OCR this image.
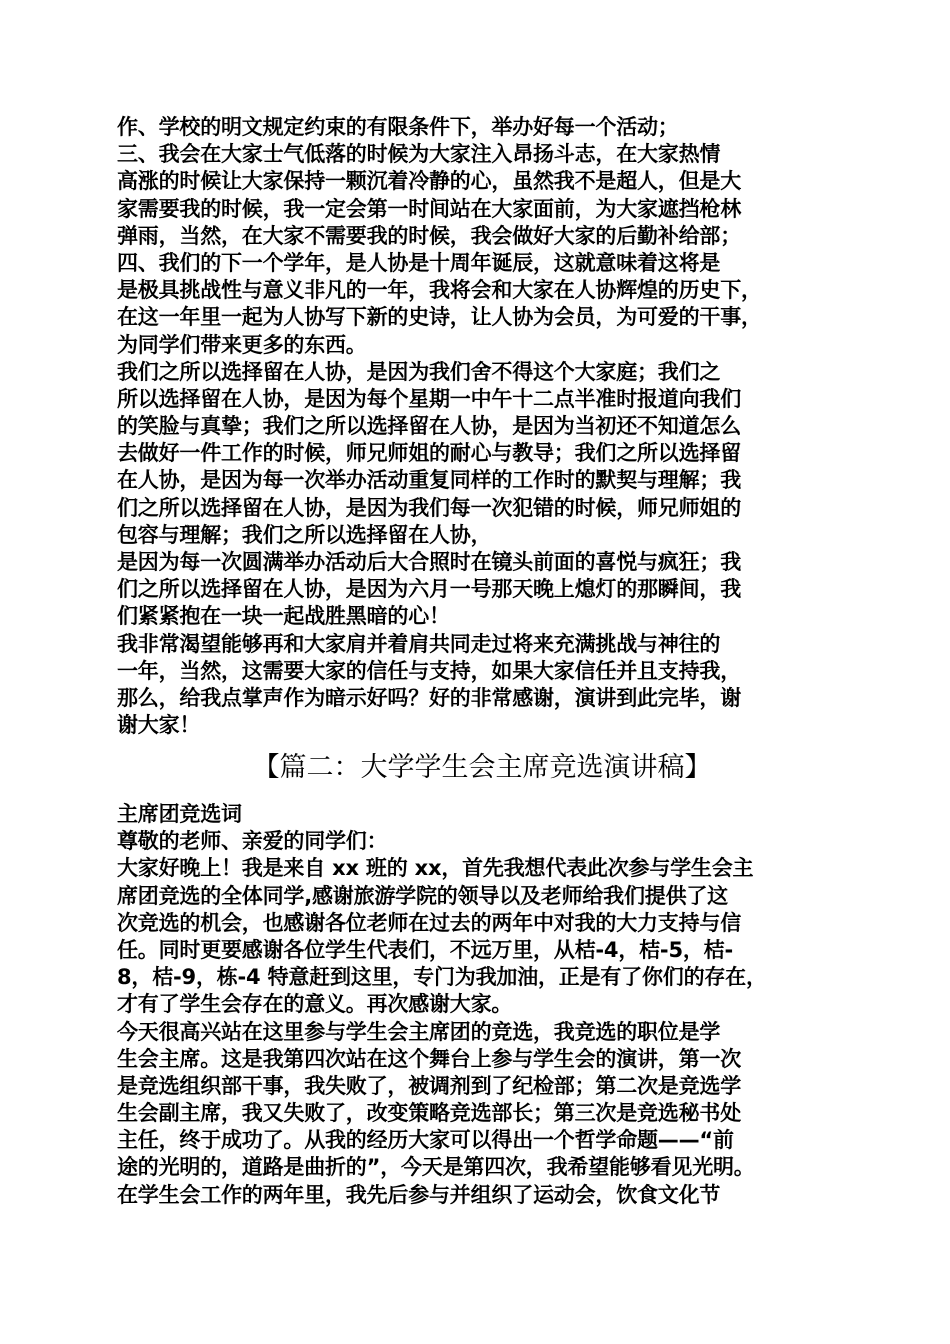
作、学校的明文规定约束的有限条件下，举办好每一个活动；
三、我会在大家士气低落的时候为大家注入昂扬斗志，在大家热情
高涨的时候让大家保持一颗沉着冷静的心，虽然我不是超人，但是大
家需要我的时候，我一定会第一时间站在大家面前，为大家遮挡枪林
弹雨，当然，在大家不需要我的时候，我会做好大家的后勤补给部；
四、我们的下一个学年，是人协是十周年诞辰，这就意味着这将是
是极具挑战性与意义非凡的一年，我将会和大家在人协辉煌的历史下，
在这一年里一起为人协写下新的史诗，让人协为会员，为可爱的干事，
为同学们带来更多的东西。
我们之所以选择留在人协，是因为我们舍不得这个大家庭；我们之
所以选择留在人协，是因为每个星期一中午十二点半准时报道向我们
的笑脸与真挚；我们之所以选择留在人协，是因为当初还不知道怎么
去做好一件工作的时候，师兄师姐的耐心与教导；我们之所以选择留
在人协，是因为每一次举办活动重复同样的工作时的默契与理解；我
们之所以选择留在人协，是因为我们每一次犯错的时候，师兄师姐的
包容与理解；我们之所以选择留在人协，
是因为每一次圆满举办活动后大合照时在镜头前面的喜悦与疯狂；我
们之所以选择留在人协，是因为六月一号那天晚上熄灯的那瞬间，我
们紧紧抱在一块一起战胜黑暗的心！
我非常渴望能够再和大家肩并着肩共同走过将来充满挑战与神往的
一年，当然，这需要大家的信任与支持，如果大家信任并且支持我，
那么，给我点掌声作为暗示好吗？好的非常感谢，演讲到此完毕，谢
谢大家！
【篇二：大学学生会主席竞选演讲稿】
主席团竞选词
尊敬的老师、亲爱的同学们：
大家好晚上！我是来自 xx 班的 xx，首先我想代表此次参与学生会主
席团竞选的全体同学,感谢旅游学院的领导以及老师给我们提供了这
次竞选的机会，也感谢各位老师在过去的两年中对我的大力支持与信
任。同时更要感谢各位学生代表们，不远万里，从桔-4，桔-5，桔-
8，桔-9，栋-4 特意赶到这里，专门为我加油，正是有了你们的存在，
才有了学生会存在的意义。再次感谢大家。
今天很高兴站在这里参与学生会主席团的竞选，我竞选的职位是学
生会主席。这是我第四次站在这个舞台上参与学生会的演讲，第一次
是竞选组织部干事，我失败了，被调剂到了纪检部；第二次是竞选学
生会副主席，我又失败了，改变策略竞选部长；第三次是竞选秘书处
主任，终于成功了。从我的经历大家可以得出一个哲学命题——“前
途的光明的，道路是曲折的”，今天是第四次，我希望能够看见光明。
在学生会工作的两年里，我先后参与并组织了运动会，饮食文化节
